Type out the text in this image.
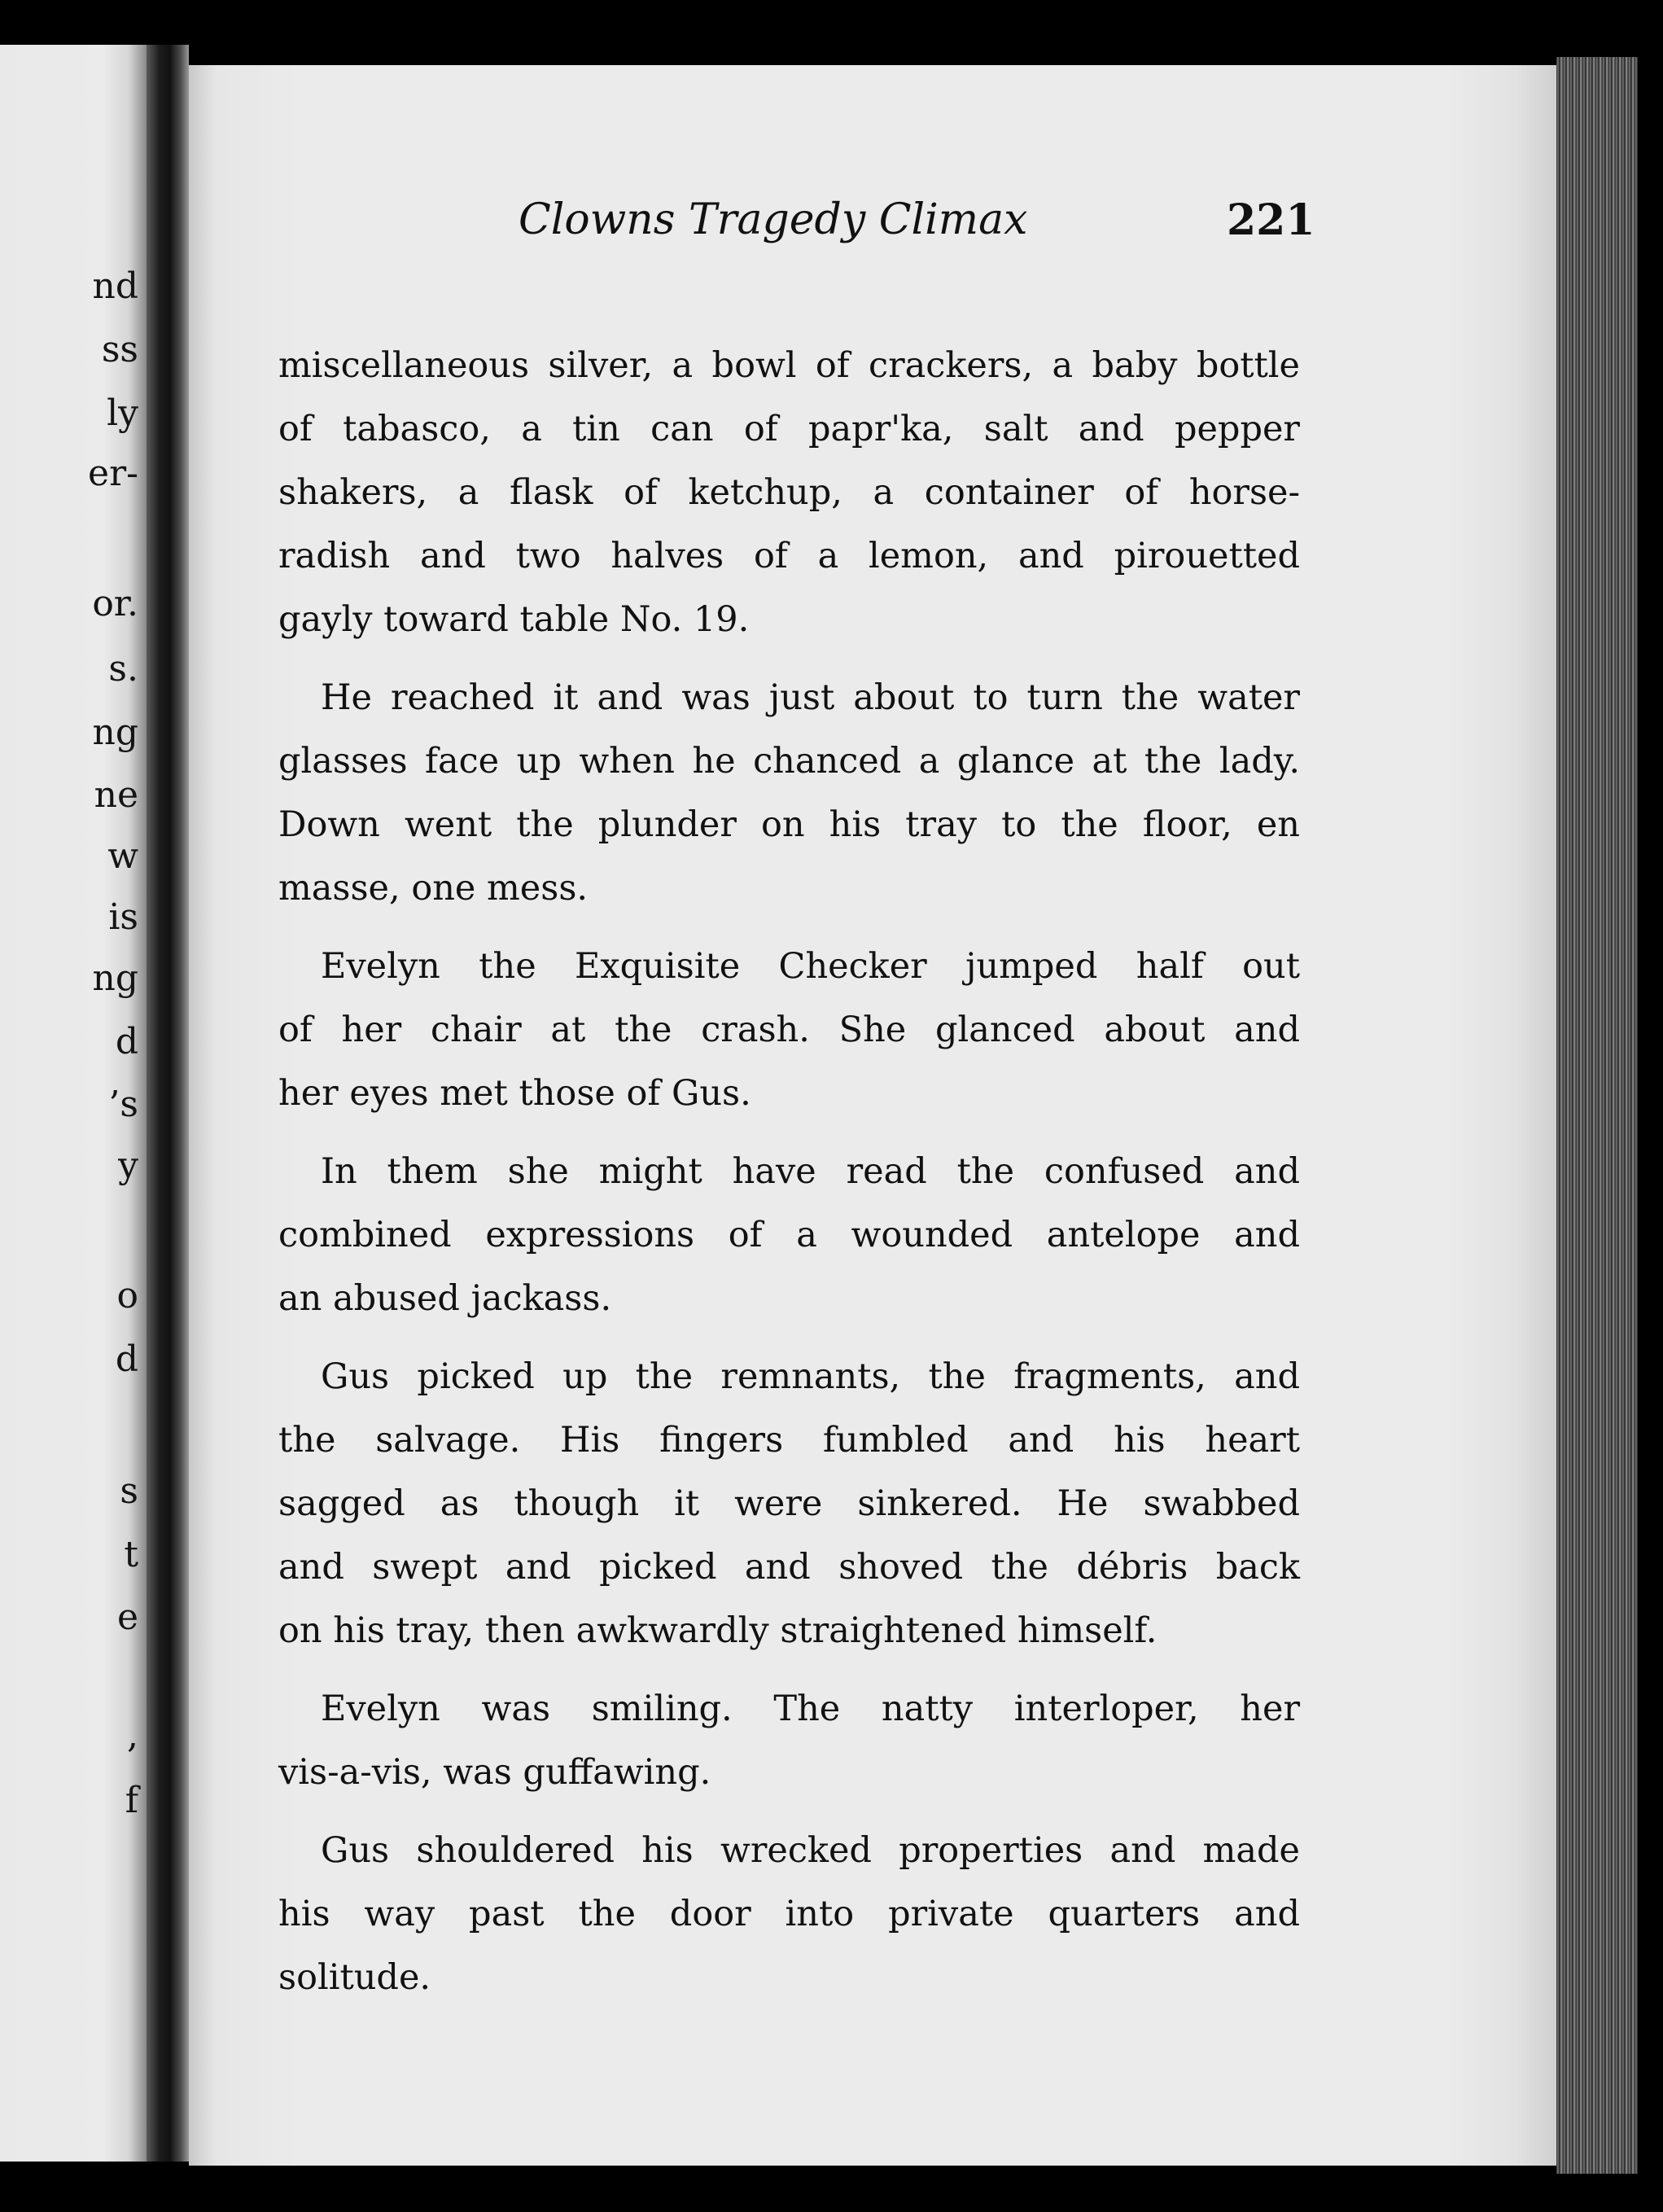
nd
ss
ly
er-
or.
s.
ng
ne
w
is
ng
d
’s
y
o
d
s
t
e
,
f
Clowns Tragedy Climax	221
miscellaneous silver, a bowl of crackers, a baby bottle
of tabasco, a tin can of papr'ka, salt and pepper
shakers, a flask of ketchup, a container of horse-
radish and two halves of a lemon, and pirouetted
gayly toward table No. 19.
He reached it and was just about to turn the water
glasses face up when he chanced a glance at the lady.
Down went the plunder on his tray to the floor, en
masse, one mess.
Evelyn the Exquisite Checker jumped half out
of her chair at the crash. She glanced about and
her eyes met those of Gus.
In them she might have read the confused and
combined expressions of a wounded antelope and
an abused jackass.
Gus picked up the remnants, the fragments, and
the salvage. His fingers fumbled and his heart
sagged as though it were sinkered. He swabbed
and swept and picked and shoved the débris back
on his tray, then awkwardly straightened himself.
Evelyn was smiling. The natty interloper, her
vis-a-vis, was guffawing.
Gus shouldered his wrecked properties and made
his way past the door into private quarters and
solitude.
